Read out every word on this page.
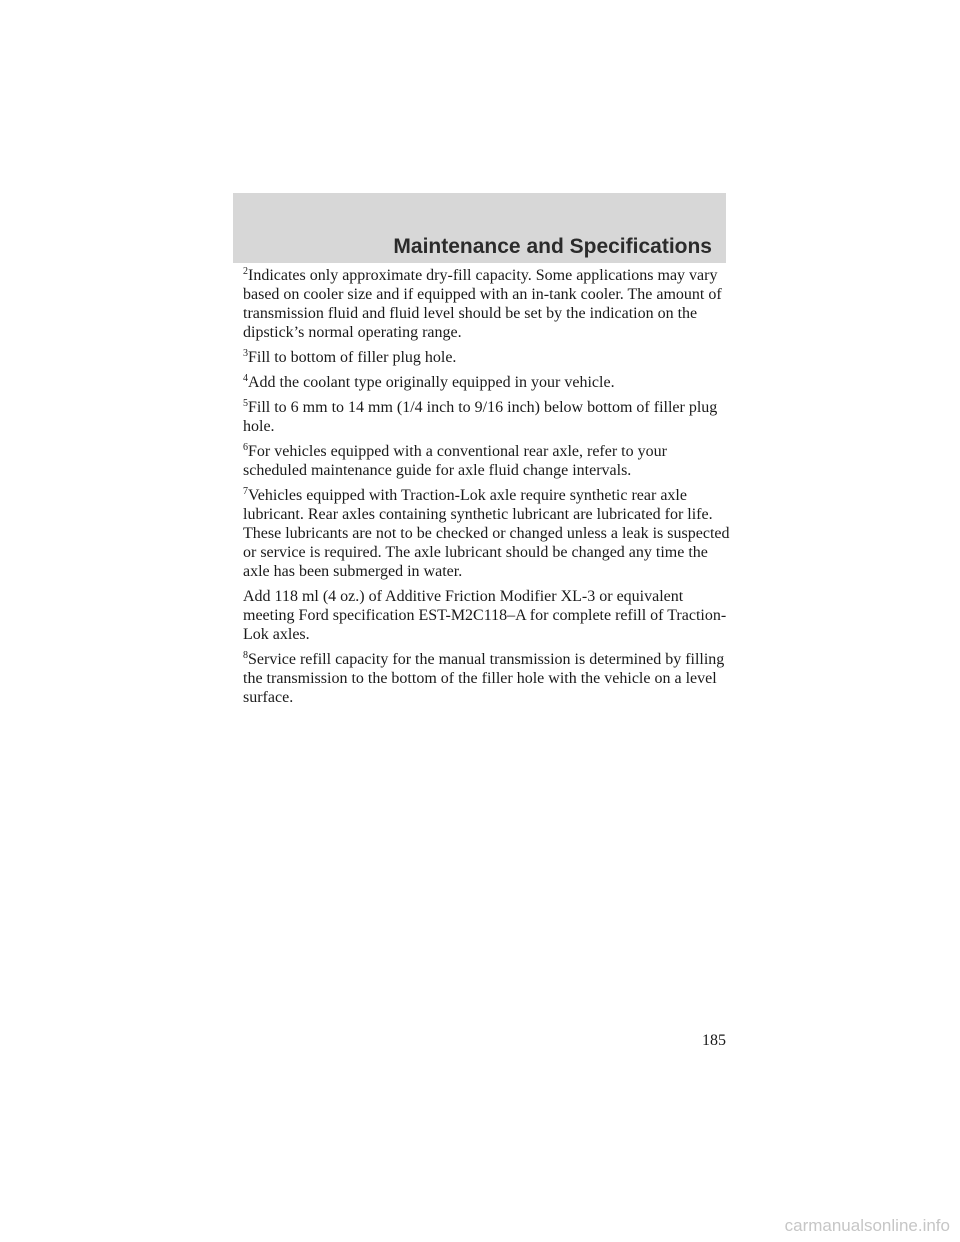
Maintenance and Specifications

$^2$Indicates only approximate dry-fill capacity. Some applications may vary based on cooler size and if equipped with an in-tank cooler. The amount of transmission fluid and fluid level should be set by the indication on the dipstick’s normal operating range.

$^3$Fill to bottom of filler plug hole.

$^4$Add the coolant type originally equipped in your vehicle.

$^5$Fill to 6 mm to 14 mm (1/4 inch to 9/16 inch) below bottom of filler plug hole.

$^6$For vehicles equipped with a conventional rear axle, refer to your scheduled maintenance guide for axle fluid change intervals.

$^7$Vehicles equipped with Traction-Lok axle require synthetic rear axle lubricant. Rear axles containing synthetic lubricant are lubricated for life. These lubricants are not to be checked or changed unless a leak is suspected or service is required. The axle lubricant should be changed any time the axle has been submerged in water.

Add 118 ml (4 oz.) of Additive Friction Modifier XL-3 or equivalent meeting Ford specification EST-M2C118–A for complete refill of Traction-Lok axles.

$^8$Service refill capacity for the manual transmission is determined by filling the transmission to the bottom of the filler hole with the vehicle on a level surface.

185
carmanualsonline.info
